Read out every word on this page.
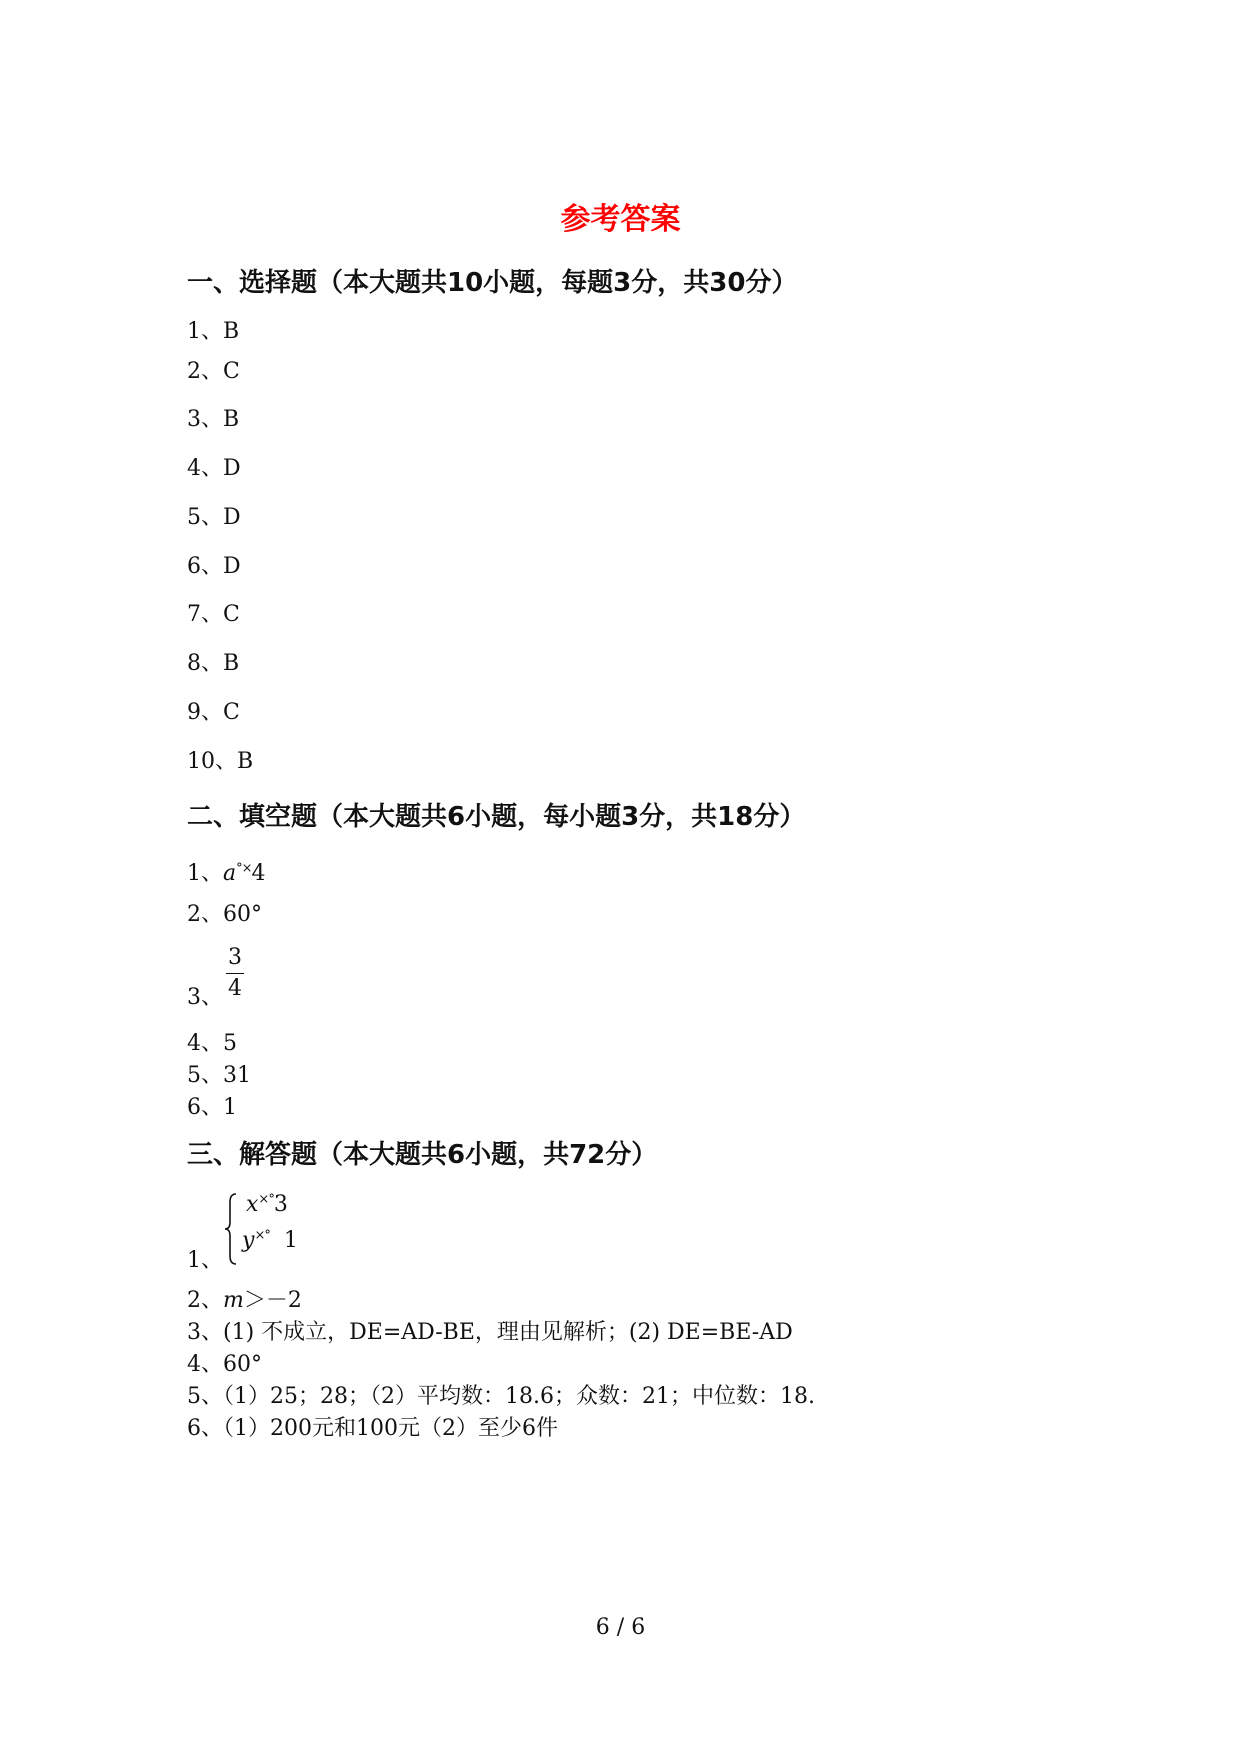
参考答案
一、选择题（本大题共10小题，每题3分，共30分）
1、B
2、C
3、B
4、D
5、D
6、D
7、C
8、B
9、C
10、B
二、填空题（本大题共6小题，每小题3分，共18分）
1、a°×4
2、60°
3、
3
4
4、5
5、31
6、1
三、解答题（本大题共6小题，共72分）
1、
x×°3
y×° 1
2、m＞－2
3、(1) 不成立，DE=AD-BE，理由见解析；(2) DE=BE-AD
4、60°
5、（1）25；28；（2）平均数：18.6；众数：21；中位数：18.
6、（1）200元和100元（2）至少6件
6 / 6
